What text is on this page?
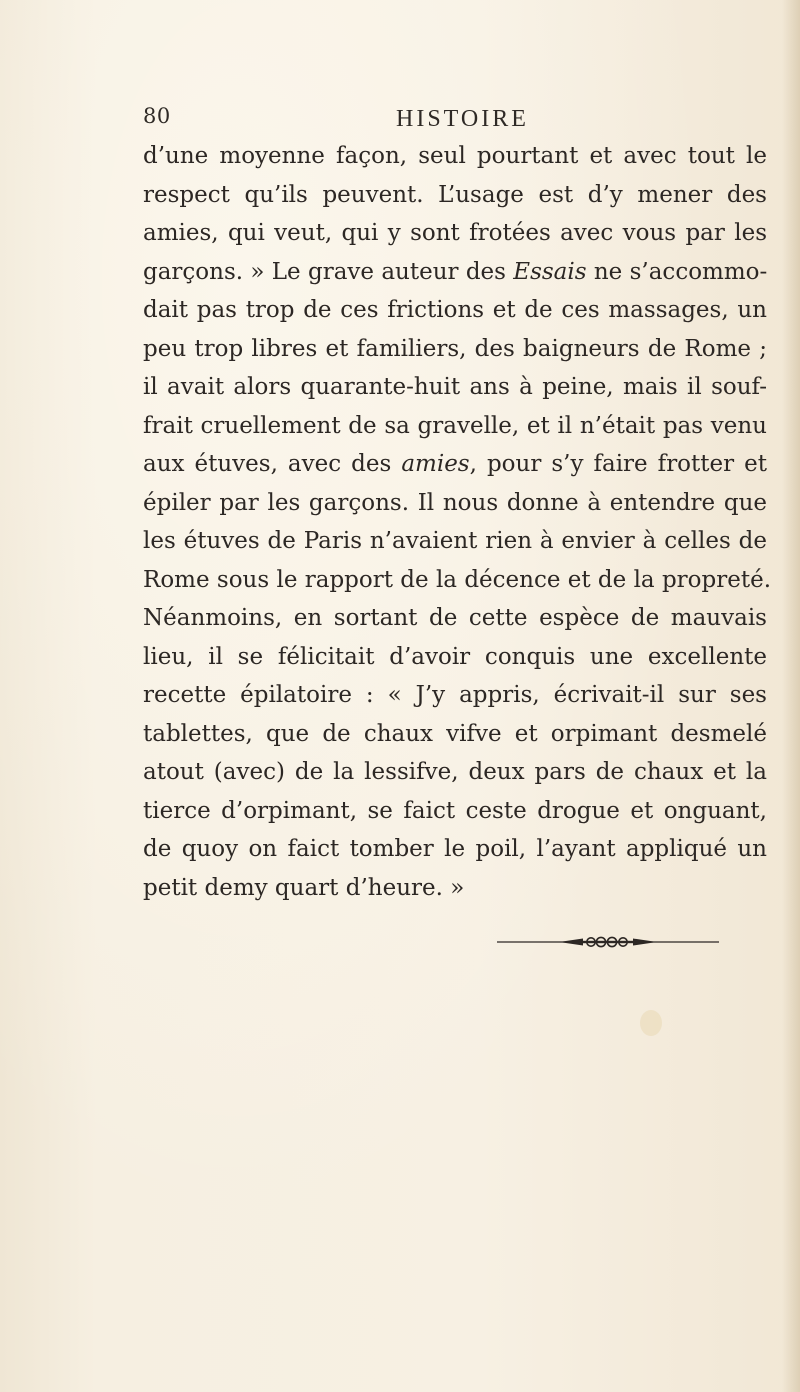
80	HISTOIRE
d’une moyenne façon, seul pourtant et avec tout le
respect qu’ils peuvent. L’usage est d’y mener des
amies, qui veut, qui y sont frotées avec vous par les
garçons. » Le grave auteur des Essais ne s’accommo-
dait pas trop de ces frictions et de ces massages, un
peu trop libres et familiers, des baigneurs de Rome ;
il avait alors quarante-huit ans à peine, mais il souf-
frait cruellement de sa gravelle, et il n’était pas venu
aux étuves, avec des amies, pour s’y faire frotter et
épiler par les garçons. Il nous donne à entendre que
les étuves de Paris n’avaient rien à envier à celles de
Rome sous le rapport de la décence et de la propreté.
Néanmoins, en sortant de cette espèce de mauvais
lieu, il se félicitait d’avoir conquis une excellente
recette épilatoire : « J’y appris, écrivait-il sur ses
tablettes, que de chaux vifve et orpimant desmelé
atout (avec) de la lessifve, deux pars de chaux et la
tierce d’orpimant, se faict ceste drogue et onguant,
de quoy on faict tomber le poil, l’ayant appliqué un
petit demy quart d’heure. »
